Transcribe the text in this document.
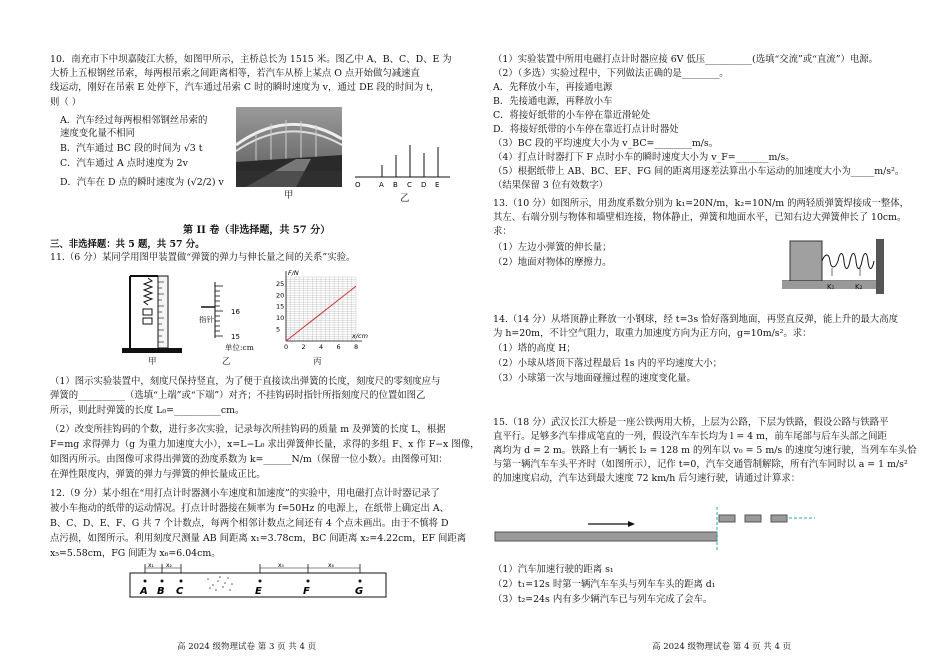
10．南充市下中坝嘉陵江大桥，如图甲所示，主桥总长为 1515 米。图乙中 A、B、C、D、E 为
大桥上五根钢丝吊索，每两根吊索之间距离相等，若汽车从桥上某点 O 点开始做匀减速直
线运动，刚好在吊索 E 处停下，汽车通过吊索 C 时的瞬时速度为 v，通过 DE 段的时间为 t，
则（ ）
A．汽车经过每两根相邻钢丝吊索的
速度变化量不相同
B．汽车通过 BC 段的时间为 √3 t
C．汽车通过 A 点时速度为 2v
D．汽车在 D 点的瞬时速度为 (√2/2) v
甲
O	A B C D E
乙
第 II 卷（非选择题，共 57 分）
三、非选择题：共 5 题，共 57 分。
11.（6 分）某同学用图甲装置做“弹簧的弹力与伸长量之间的关系”实验。
甲
16
15
指针
单位:cm
乙
0 2 4 6 8
5
10
15
20
25
F/N
x/cm
丙
（1）图示实验装置中，刻度尺保持竖直，为了便于直接读出弹簧的长度，刻度尺的零刻度应与
弹簧的__________（选填“上端”或“下端”）对齐；不挂钩码时指针所指刻度尺的位置如图乙
所示，则此时弹簧的长度 L₀=__________cm。
（2）改变所挂钩码的个数，进行多次实验，记录每次所挂钩码的质量 m 及弹簧的长度 L，根据
F=mg 求得弹力（g 为重力加速度大小），x=L−L₀ 求出弹簧伸长量，求得的多组 F、x 作 F−x 图像，
如图丙所示。由图像可求得出弹簧的劲度系数为 k=______N/m（保留一位小数）。由图像可知：
在弹性限度内，弹簧的弹力与弹簧的伸长量成正比。
12.（9 分）某小组在“用打点计时器测小车速度和加速度”的实验中，用电磁打点计时器记录了
被小车拖动的纸带的运动情况。打点计时器接在频率为 f=50Hz 的电源上，在纸带上确定出 A、
B、C、D、E、F、G 共 7 个计数点，每两个相邻计数点之间还有 4 个点未画出。由于不慎将 D
点污损，如图所示。利用刻度尺测量 AB 间距离 x₁=3.78cm，BC 间距离 x₂=4.22cm，EF 间距离
x₅=5.58cm，FG 间距为 x₆=6.04cm。
x₁ x₂	x₅	x₆
A B C	E	F	G
高 2024 级物理试卷 第 3 页 共 4 页
（1）实验装置中所用电磁打点计时器应接 6V 低压__________(选填“交流”或“直流”）电源。
（2）（多选）实验过程中，下列做法正确的是________。
A．先释放小车，再接通电源
B．先接通电源，再释放小车
C．将接好纸带的小车停在靠近滑轮处
D．将接好纸带的小车停在靠近打点计时器处
（3）BC 段的平均速度大小为 v_BC=________m/s。
（4）打点计时器打下 F 点时小车的瞬时速度大小为 v_F=_______m/s。
（5）根据纸带上 AB、BC、EF、FG 间的距离用逐差法算出小车运动的加速度大小为_____m/s²。
（结果保留 3 位有效数字）
13.（10 分）如图所示，用劲度系数分别为 k₁=20N/m，k₂=10N/m 的两轻质弹簧焊接成一整体，
其左、右端分别与物体和墙壁相连接，物体静止，弹簧和地面水平，已知右边大弹簧伸长了 10cm。
求：
（1）左边小弹簧的伸长量；
（2）地面对物体的摩擦力。
K₁	K₂
14.（14 分）从塔顶静止释放一小钢球，经 t=3s 恰好落到地面，再竖直反弹，能上升的最大高度
为 h=20m，不计空气阻力，取重力加速度方向为正方向，g=10m/s²。求：
（1）塔的高度 H；
（2）小球从塔顶下落过程最后 1s 内的平均速度大小；
（3）小球第一次与地面碰撞过程的速度变化量。
15.（18 分）武汉长江大桥是一座公铁两用大桥，上层为公路，下层为铁路，假设公路与铁路平
直平行。足够多汽车排成笔直的一列，假设汽车车长均为 l = 4 m，前车尾部与后车头部之间距
离均为 d = 2 m。铁路上有一辆长 l₂ = 128 m 的列车以 v₀ = 5 m/s 的速度匀速行驶，当列车车头恰
与第一辆汽车车头平齐时（如图所示），记作 t=0，汽车交通管制解除，所有汽车同时以 a = 1 m/s²
的加速度启动，汽车达到最大速度 72 km/h 后匀速行驶，请通过计算求：
（1）汽车加速行驶的距离 s₁
（2）t₁=12s 时第一辆汽车车头与列车车头的距离 d₁
（3）t₂=24s 内有多少辆汽车已与列车完成了会车。
高 2024 级物理试卷 第 4 页 共 4 页
